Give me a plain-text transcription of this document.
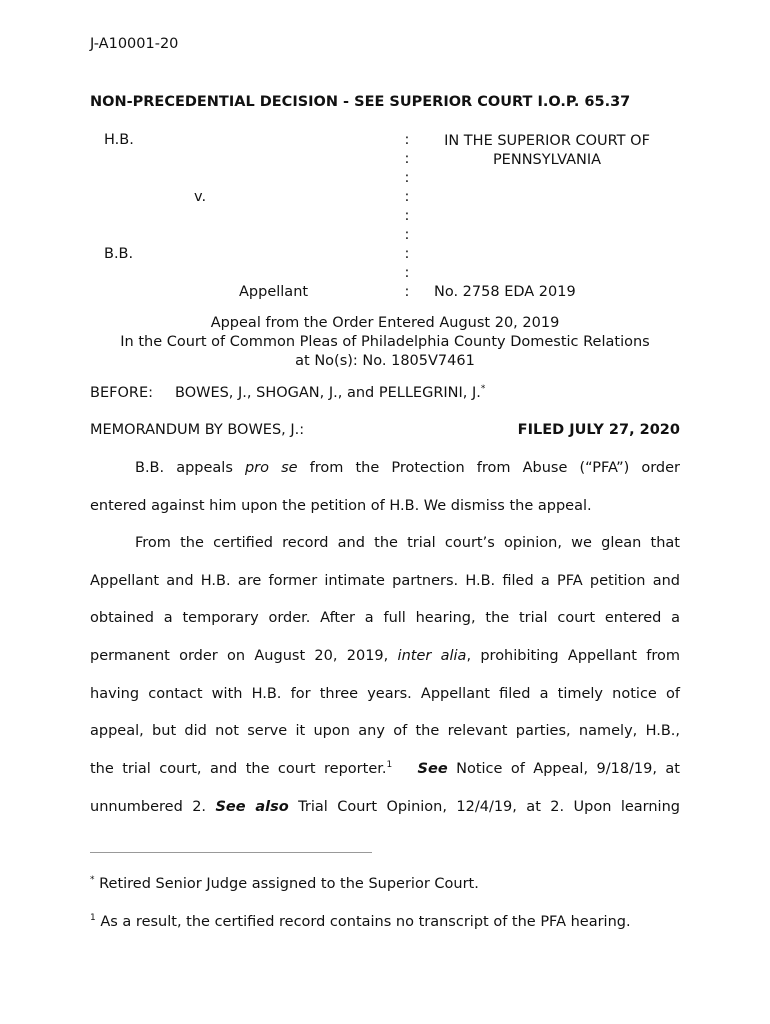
J-A10001-20
NON-PRECEDENTIAL DECISION - SEE SUPERIOR COURT I.O.P. 65.37
H.B.
v.
B.B.
Appellant
:
:
:
:
:
:
:
:
:
IN THE SUPERIOR COURT OF
PENNSYLVANIA
No. 2758 EDA 2019
Appeal from the Order Entered August 20, 2019
In the Court of Common Pleas of Philadelphia County Domestic Relations
at No(s): No. 1805V7461
BEFORE: BOWES, J., SHOGAN, J., and PELLEGRINI, J.*
MEMORANDUM BY BOWES, J.:	FILED JULY 27, 2020
B.B. appeals pro se from the Protection from Abuse (“PFA”) order
entered against him upon the petition of H.B. We dismiss the appeal.
From the certified record and the trial court’s opinion, we glean that
Appellant and H.B. are former intimate partners. H.B. filed a PFA petition and
obtained a temporary order. After a full hearing, the trial court entered a
permanent order on August 20, 2019, inter alia, prohibiting Appellant from
having contact with H.B. for three years. Appellant filed a timely notice of
appeal, but did not serve it upon any of the relevant parties, namely, H.B.,
the trial court, and the court reporter.$^1$ See Notice of Appeal, 9/18/19, at
unnumbered 2. See also Trial Court Opinion, 12/4/19, at 2. Upon learning
* Retired Senior Judge assigned to the Superior Court.
$^1$ As a result, the certified record contains no transcript of the PFA hearing.
